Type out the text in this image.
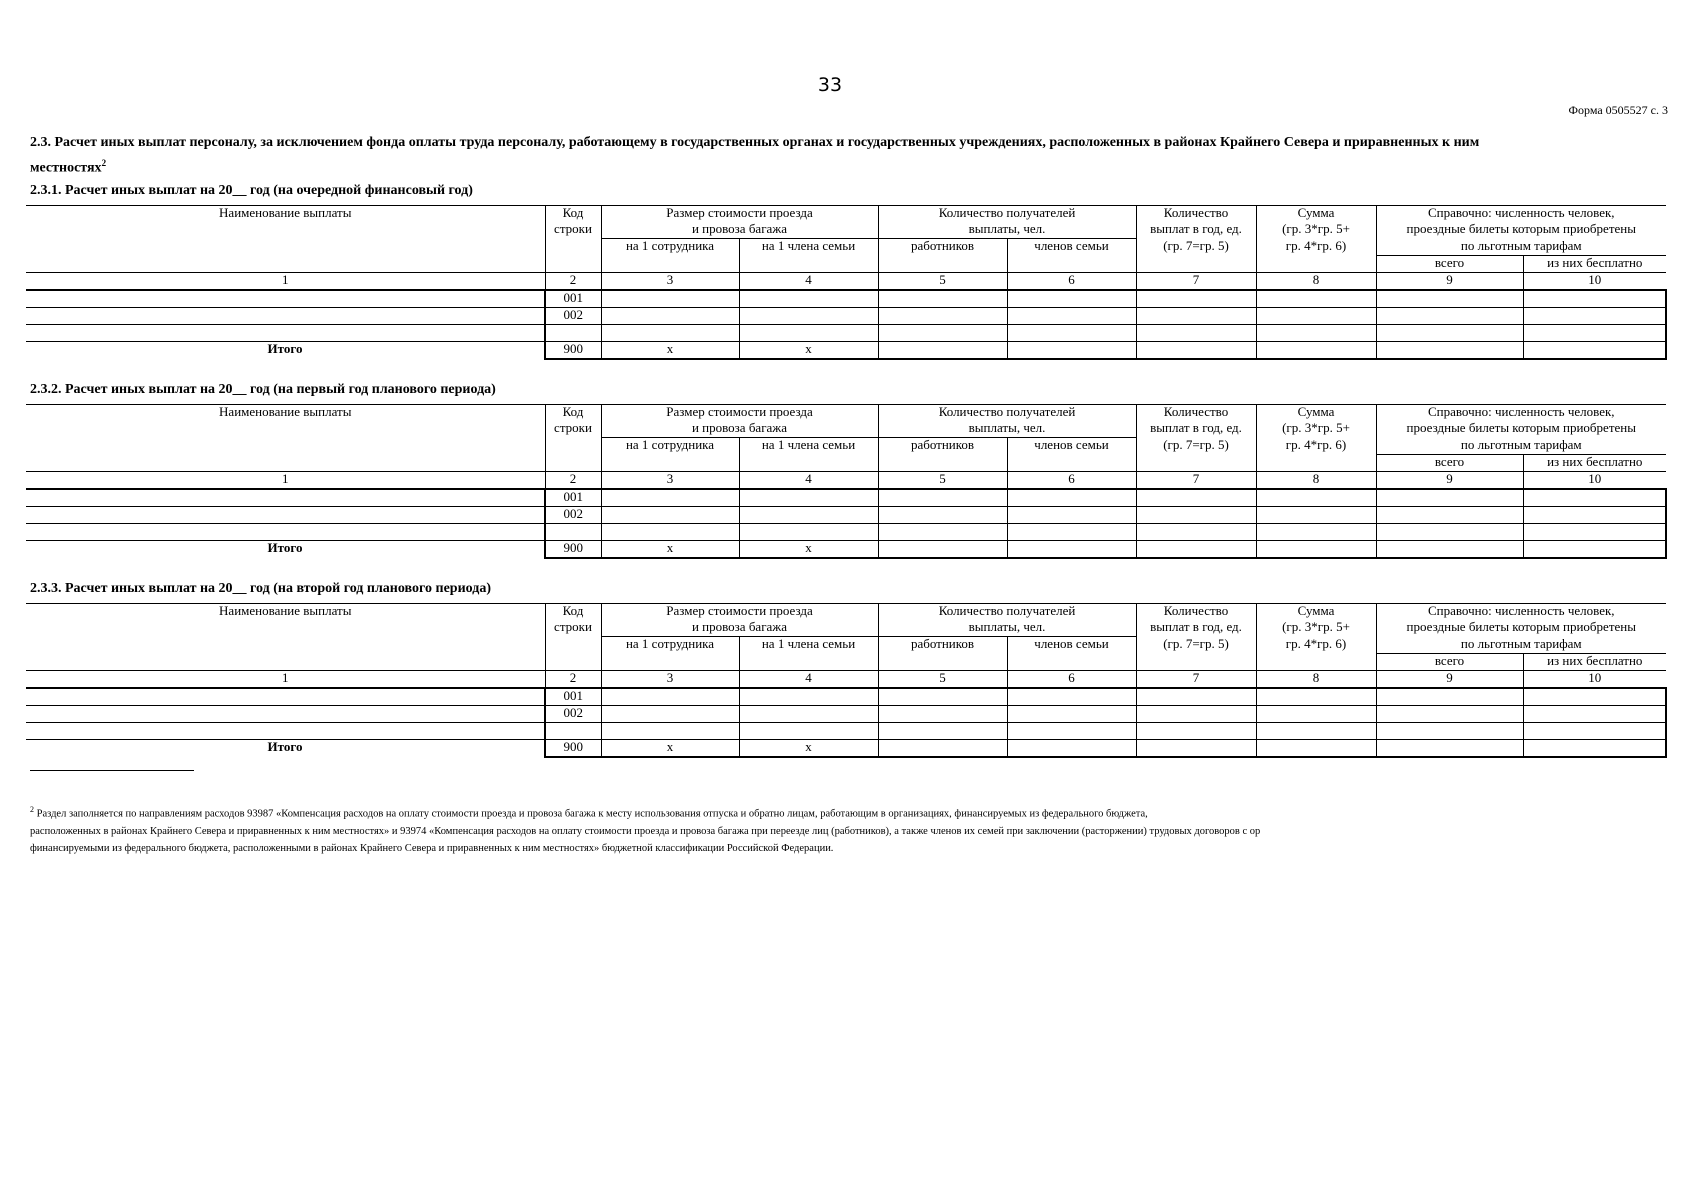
33
Форма 0505527 с. 3
2.3. Расчет иных выплат персоналу, за исключением фонда оплаты труда персоналу, работающему в государственных органах и государственных учреждениях, расположенных в районах Крайнего Севера и приравненных к ним местностях$^2$
2.3.1. Расчет иных выплат на 20__ год (на очередной финансовый год)
Наименование выплаты	Код	Размер стоимости проезда		Количество получателей		Количество	Сумма	Справочно: численность человек,	
	строки	и провоза багажа		выплаты, чел.		выплат в год, ед.	(гр. 3*гр. 5+	проездные билеты которым приобретены	
		на 1 сотрудника	на 1 члена семьи	работников	членов семьи	(гр. 7=гр. 5)	гр. 4*гр. 6)	по льготным тарифам	
								всего	из них бесплатно
1	2	3	4	5	6	7	8	9	10
	001								
	002								

Итого	900	x	x						
2.3.2. Расчет иных выплат на 20__ год (на первый год планового периода)
Наименование выплаты	Код	Размер стоимости проезда		Количество получателей		Количество	Сумма	Справочно: численность человек,	
	строки	и провоза багажа		выплаты, чел.		выплат в год, ед.	(гр. 3*гр. 5+	проездные билеты которым приобретены	
		на 1 сотрудника	на 1 члена семьи	работников	членов семьи	(гр. 7=гр. 5)	гр. 4*гр. 6)	по льготным тарифам	
								всего	из них бесплатно
1	2	3	4	5	6	7	8	9	10
	001								
	002								

Итого	900	x	x						
2.3.3. Расчет иных выплат на 20__ год (на второй год планового периода)
Наименование выплаты	Код	Размер стоимости проезда		Количество получателей		Количество	Сумма	Справочно: численность человек,	
	строки	и провоза багажа		выплаты, чел.		выплат в год, ед.	(гр. 3*гр. 5+	проездные билеты которым приобретены	
		на 1 сотрудника	на 1 члена семьи	работников	членов семьи	(гр. 7=гр. 5)	гр. 4*гр. 6)	по льготным тарифам	
								всего	из них бесплатно
1	2	3	4	5	6	7	8	9	10
	001								
	002								

Итого	900	x	x						
$^2$ Раздел заполняется по направлениям расходов 93987 «Компенсация расходов на оплату стоимости проезда и провоза багажа к месту использования отпуска и обратно лицам, работающим в организациях, финансируемых из федерального бюджета,
расположенных в районах Крайнего Севера и приравненных к ним местностях» и 93974 «Компенсация расходов на оплату стоимости проезда и провоза багажа при переезде лиц (работников), а также членов их семей при заключении (расторжении) трудовых договоров с ор
финансируемыми из федерального бюджета, расположенными в районах Крайнего Севера и приравненных к ним местностях» бюджетной классификации Российской Федерации.
